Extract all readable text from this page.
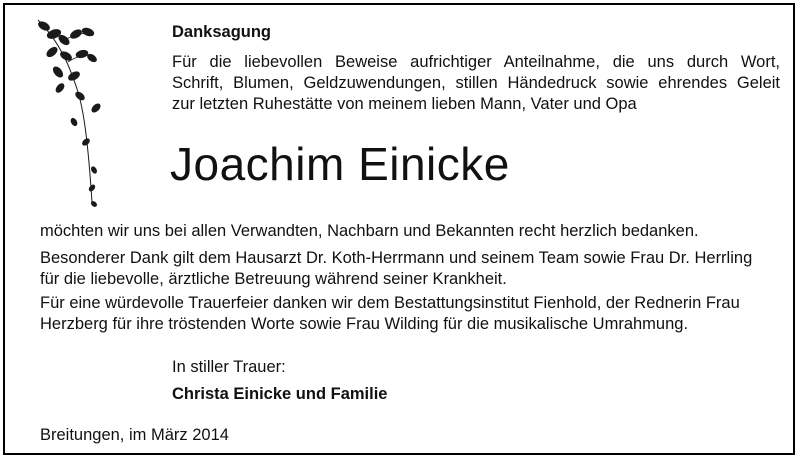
Danksagung

Für die liebevollen Beweise aufrichtiger Anteilnahme, die uns durch Wort,
Schrift, Blumen, Geldzuwendungen, stillen Händedruck sowie ehrendes Geleit
zur letzten Ruhestätte von meinem lieben Mann, Vater und Opa

Joachim Einicke

möchten wir uns bei allen Verwandten, Nachbarn und Bekannten recht herzlich bedanken.

Besonderer Dank gilt dem Hausarzt Dr. Koth-Herrmann und seinem Team sowie Frau Dr. Herrling
für die liebevolle, ärztliche Betreuung während seiner Krankheit.

Für eine würdevolle Trauerfeier danken wir dem Bestattungsinstitut Fienhold, der Rednerin Frau
Herzberg für ihre tröstenden Worte sowie Frau Wilding für die musikalische Umrahmung.

In stiller Trauer:

Christa Einicke und Familie

Breitungen, im März 2014
